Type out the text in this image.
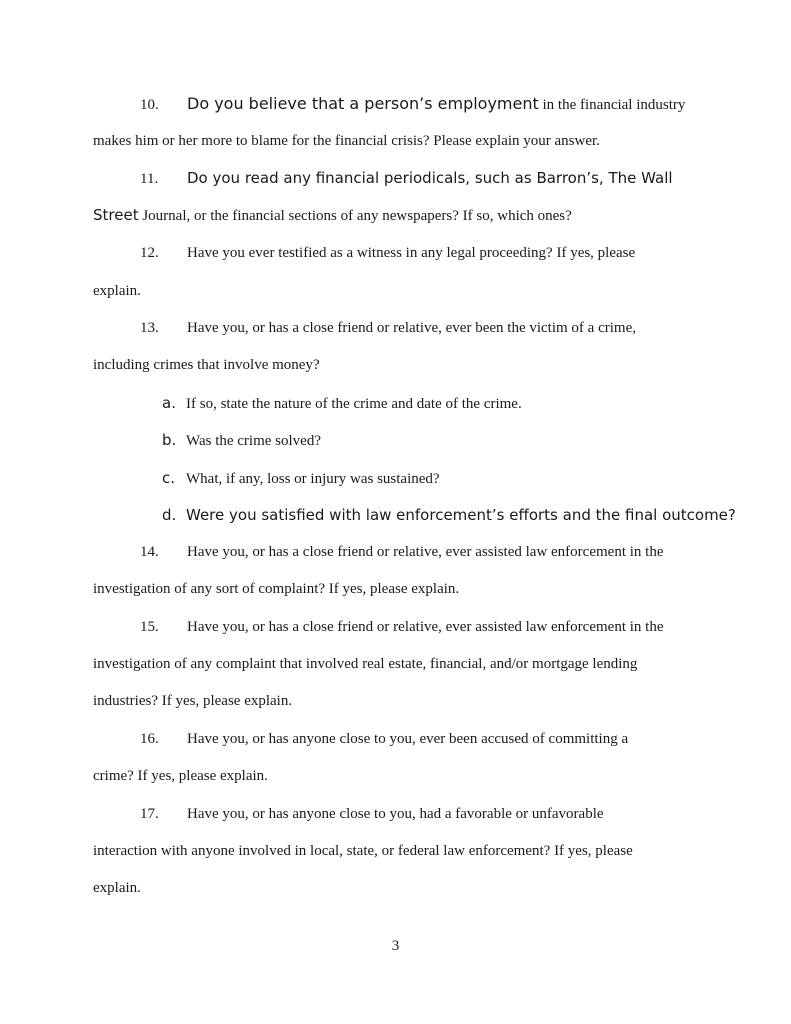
10. Do you believe that a person’s employment in the financial industry
makes him or her more to blame for the financial crisis? Please explain your answer.
11. Do you read any financial periodicals, such as Barron’s, The Wall
Street Journal, or the financial sections of any newspapers? If so, which ones?
12. Have you ever testified as a witness in any legal proceeding? If yes, please
explain.
13. Have you, or has a close friend or relative, ever been the victim of a crime,
including crimes that involve money?
a. If so, state the nature of the crime and date of the crime.
b. Was the crime solved?
c. What, if any, loss or injury was sustained?
d. Were you satisfied with law enforcement’s efforts and the final outcome?
14. Have you, or has a close friend or relative, ever assisted law enforcement in the
investigation of any sort of complaint? If yes, please explain.
15. Have you, or has a close friend or relative, ever assisted law enforcement in the
investigation of any complaint that involved real estate, financial, and/or mortgage lending
industries? If yes, please explain.
16. Have you, or has anyone close to you, ever been accused of committing a
crime? If yes, please explain.
17. Have you, or has anyone close to you, had a favorable or unfavorable
interaction with anyone involved in local, state, or federal law enforcement? If yes, please
explain.
3
